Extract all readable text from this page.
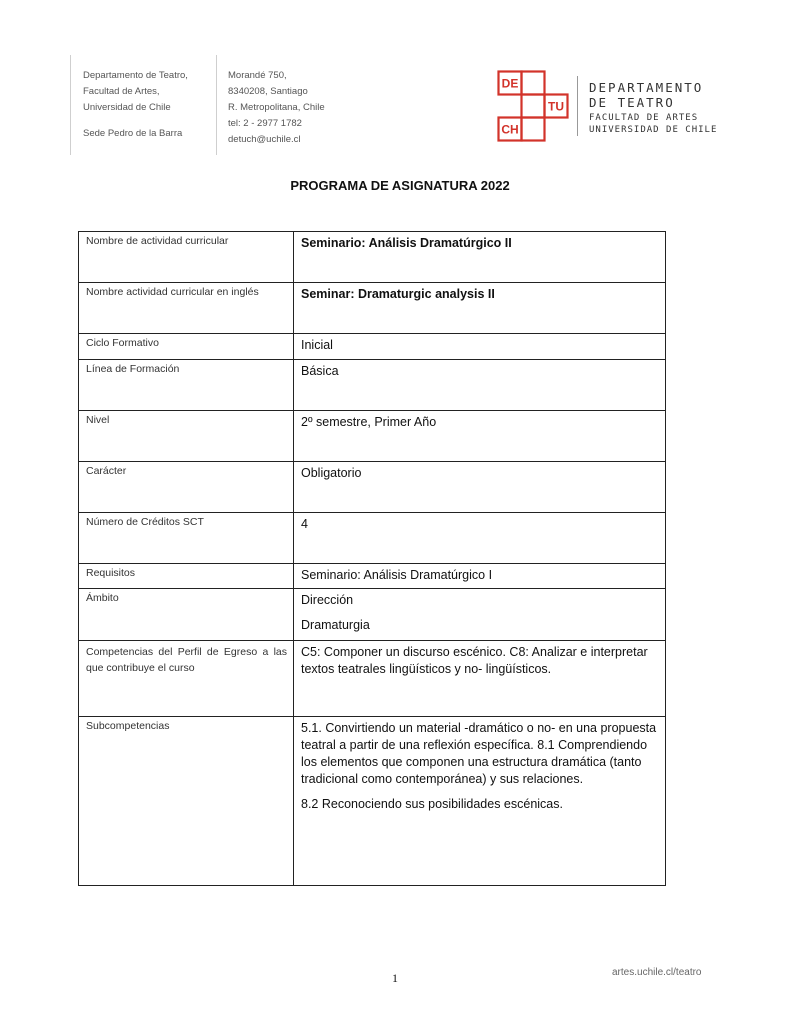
Departamento de Teatro,
Facultad de Artes,
Universidad de Chile
Sede Pedro de la Barra
Morandé 750,
8340208, Santiago
R. Metropolitana, Chile
tel: 2 - 2977 1782
detuch@uchile.cl
DE
TU
CH
DEPARTAMENTO
DE TEATRO
FACULTAD DE ARTES
UNIVERSIDAD DE CHILE
PROGRAMA DE ASIGNATURA 2022
Nombre de actividad curricular	Seminario: Análisis Dramatúrgico II
Nombre actividad curricular en inglés	Seminar: Dramaturgic analysis II
Ciclo Formativo	Inicial
Línea de Formación	Básica
Nivel	2º semestre, Primer Año
Carácter	Obligatorio
Número de Créditos SCT	4
Requisitos	Seminario: Análisis Dramatúrgico I
Ámbito	Dirección

Dramaturgia

Competencias del Perfil de Egreso a las que contribuye el curso	C5: Componer un discurso escénico. C8: Analizar e interpretar textos teatrales lingüísticos y no- lingüísticos.
Subcompetencias	5.1. Convirtiendo un material -dramático o no- en una propuesta teatral a partir de una reflexión específica. 8.1 Comprendiendo los elementos que componen una estructura dramática (tanto tradicional como contemporánea) y sus relaciones.

8.2 Reconociendo sus posibilidades escénicas.

1	artes.uchile.cl/teatro
